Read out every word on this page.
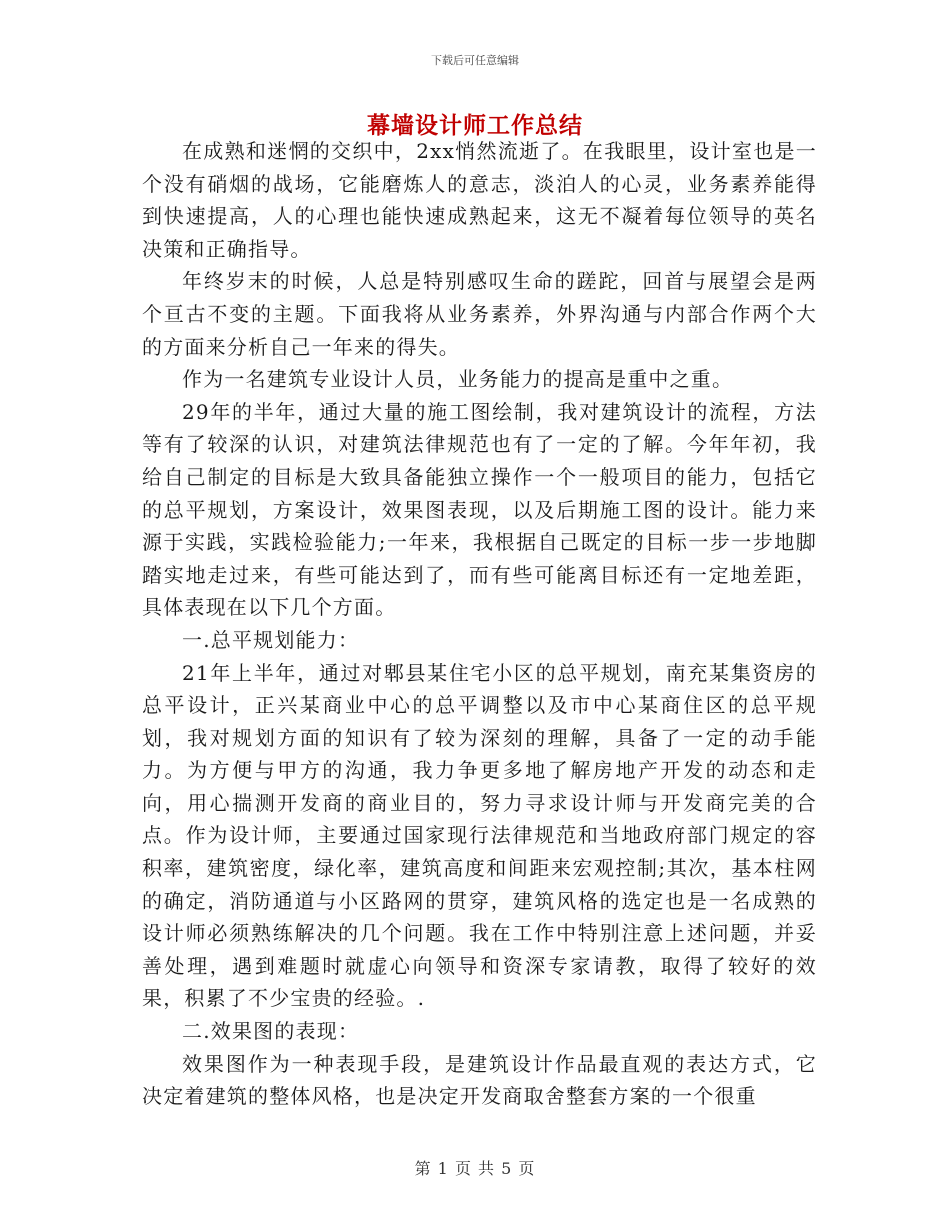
下载后可任意编辑
幕墙设计师工作总结

在成熟和迷惘的交织中，2xx悄然流逝了。在我眼里，设计室也是一个没有硝烟的战场，它能磨炼人的意志，淡泊人的心灵，业务素养能得到快速提高，人的心理也能快速成熟起来，这无不凝着每位领导的英名决策和正确指导。

年终岁末的时候，人总是特别感叹生命的蹉跎，回首与展望会是两个亘古不变的主题。下面我将从业务素养，外界沟通与内部合作两个大的方面来分析自己一年来的得失。

作为一名建筑专业设计人员，业务能力的提高是重中之重。

29年的半年，通过大量的施工图绘制，我对建筑设计的流程，方法等有了较深的认识，对建筑法律规范也有了一定的了解。今年年初，我给自己制定的目标是大致具备能独立操作一个一般项目的能力，包括它的总平规划，方案设计，效果图表现，以及后期施工图的设计。能力来源于实践，实践检验能力;一年来，我根据自己既定的目标一步一步地脚踏实地走过来，有些可能达到了，而有些可能离目标还有一定地差距，具体表现在以下几个方面。

一.总平规划能力：

21年上半年，通过对郫县某住宅小区的总平规划，南充某集资房的总平设计，正兴某商业中心的总平调整以及市中心某商住区的总平规划，我对规划方面的知识有了较为深刻的理解，具备了一定的动手能力。为方便与甲方的沟通，我力争更多地了解房地产开发的动态和走向，用心揣测开发商的商业目的，努力寻求设计师与开发商完美的合点。作为设计师，主要通过国家现行法律规范和当地政府部门规定的容积率，建筑密度，绿化率，建筑高度和间距来宏观控制;其次，基本柱网的确定，消防通道与小区路网的贯穿，建筑风格的选定也是一名成熟的设计师必须熟练解决的几个问题。我在工作中特别注意上述问题，并妥善处理，遇到难题时就虚心向领导和资深专家请教，取得了较好的效果，积累了不少宝贵的经验。.

二.效果图的表现：

效果图作为一种表现手段，是建筑设计作品最直观的表达方式，它决定着建筑的整体风格，也是决定开发商取舍整套方案的一个很重

第 1 页 共 5 页
